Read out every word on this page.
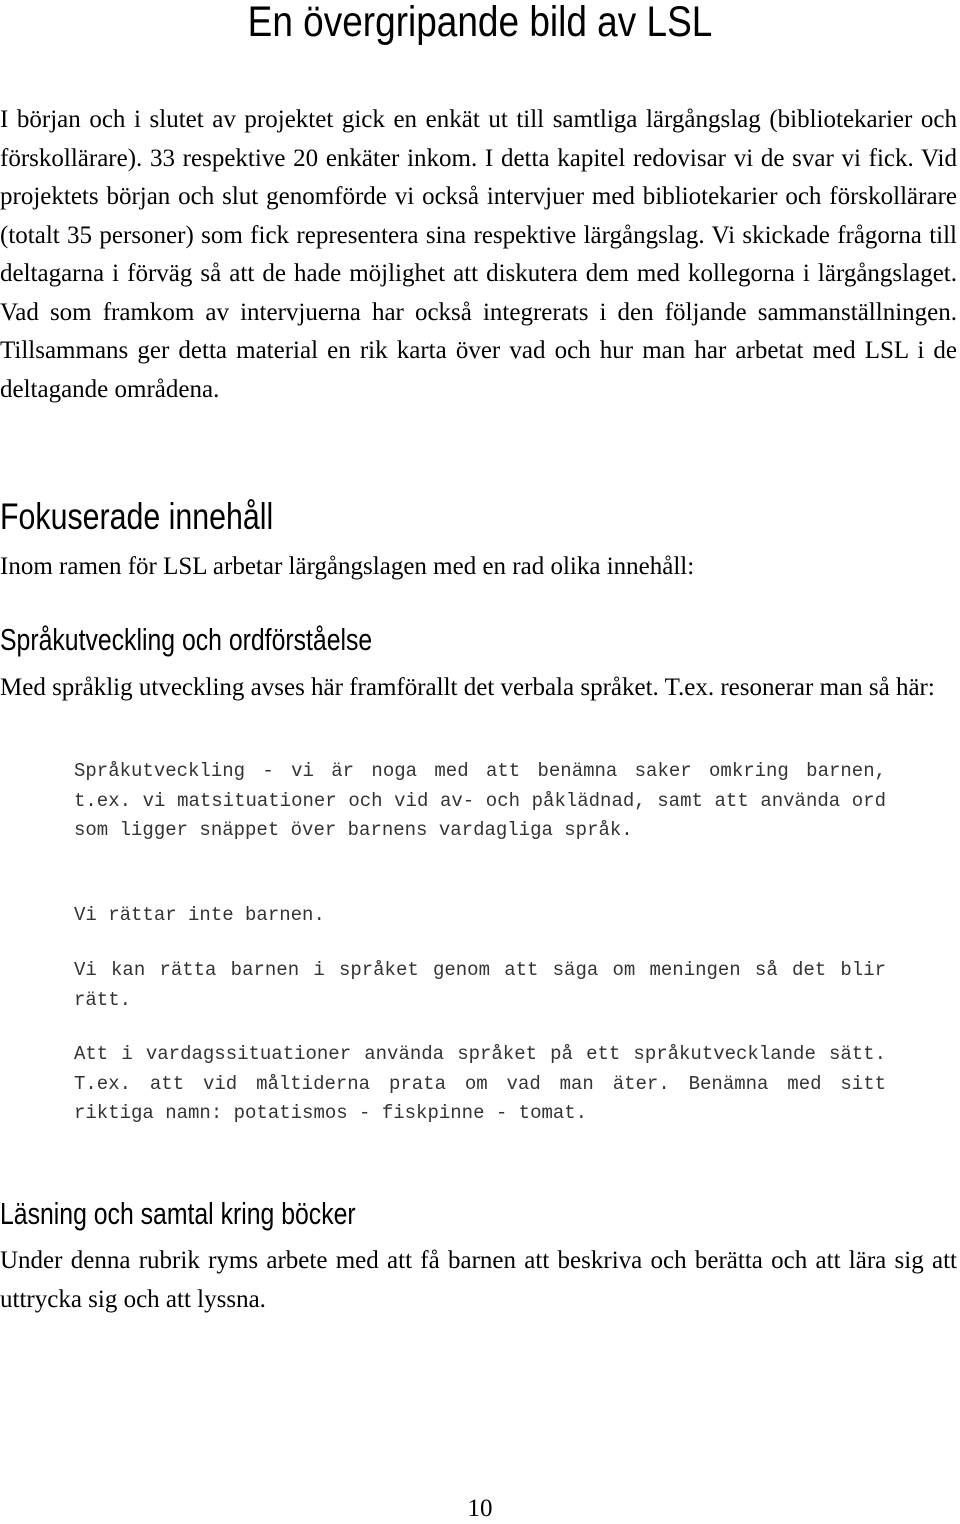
En övergripande bild av LSL

I början och i slutet av projektet gick en enkät ut till samtliga lärgångslag (bibliotekarier och förskollärare). 33 respektive 20 enkäter inkom. I detta kapitel redovisar vi de svar vi fick. Vid projektets början och slut genomförde vi också intervjuer med bibliotekarier och förskollärare (totalt 35 personer) som fick representera sina respektive lärgångslag. Vi skickade frågorna till deltagarna i förväg så att de hade möjlighet att diskutera dem med kollegorna i lärgångslaget. Vad som framkom av intervjuerna har också integrerats i den följande sammanställningen. Tillsammans ger detta material en rik karta över vad och hur man har arbetat med LSL i de deltagande områdena.

Fokuserade innehåll

Inom ramen för LSL arbetar lärgångslagen med en rad olika innehåll:

Språkutveckling och ordförståelse

Med språklig utveckling avses här framförallt det verbala språket. T.ex. resonerar man så här:

Språkutveckling - vi är noga med att benämna saker omkring barnen, t.ex. vi matsituationer och vid av- och påklädnad, samt att använda ord som ligger snäppet över barnens vardagliga språk.

Vi rättar inte barnen.

Vi kan rätta barnen i språket genom att säga om meningen så det blir rätt.

Att i vardagssituationer använda språket på ett språkutvecklande sätt. T.ex. att vid måltiderna prata om vad man äter. Benämna med sitt riktiga namn: potatismos - fiskpinne - tomat.

Läsning och samtal kring böcker

Under denna rubrik ryms arbete med att få barnen att beskriva och berätta och att lära sig att uttrycka sig och att lyssna.

10
